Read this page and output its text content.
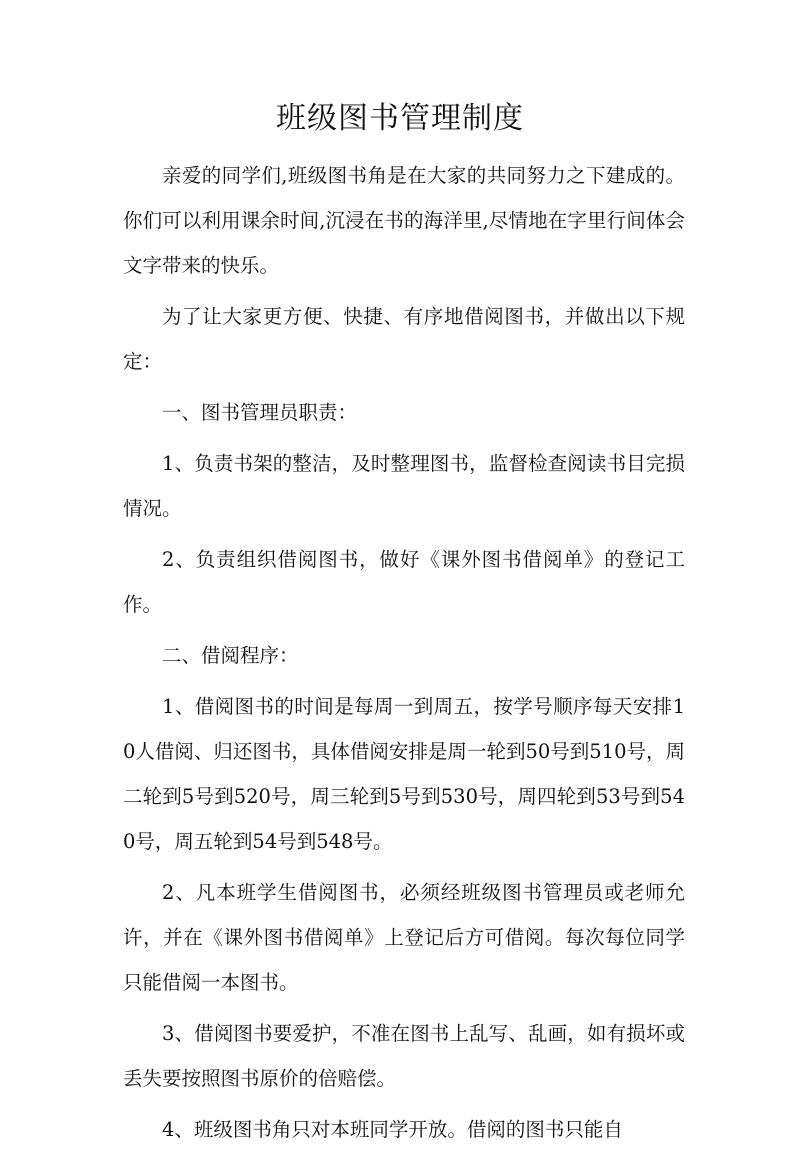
班级图书管理制度

亲爱的同学们,班级图书角是在大家的共同努力之下建成的。你们可以利用课余时间,沉浸在书的海洋里,尽情地在字里行间体会文字带来的快乐。

为了让大家更方便、快捷、有序地借阅图书，并做出以下规定：

一、图书管理员职责：

1、负责书架的整洁，及时整理图书，监督检查阅读书目完损情况。

2、负责组织借阅图书，做好《课外图书借阅单》的登记工作。

二、借阅程序：

1、借阅图书的时间是每周一到周五，按学号顺序每天安排10人借阅、归还图书，具体借阅安排是周一轮到50号到510号，周二轮到5号到520号，周三轮到5号到530号，周四轮到53号到540号，周五轮到54号到548号。

2、凡本班学生借阅图书，必须经班级图书管理员或老师允许，并在《课外图书借阅单》上登记后方可借阅。每次每位同学只能借阅一本图书。

3、借阅图书要爱护，不准在图书上乱写、乱画，如有损坏或丢失要按照图书原价的倍赔偿。

4、班级图书角只对本班同学开放。借阅的图书只能自
